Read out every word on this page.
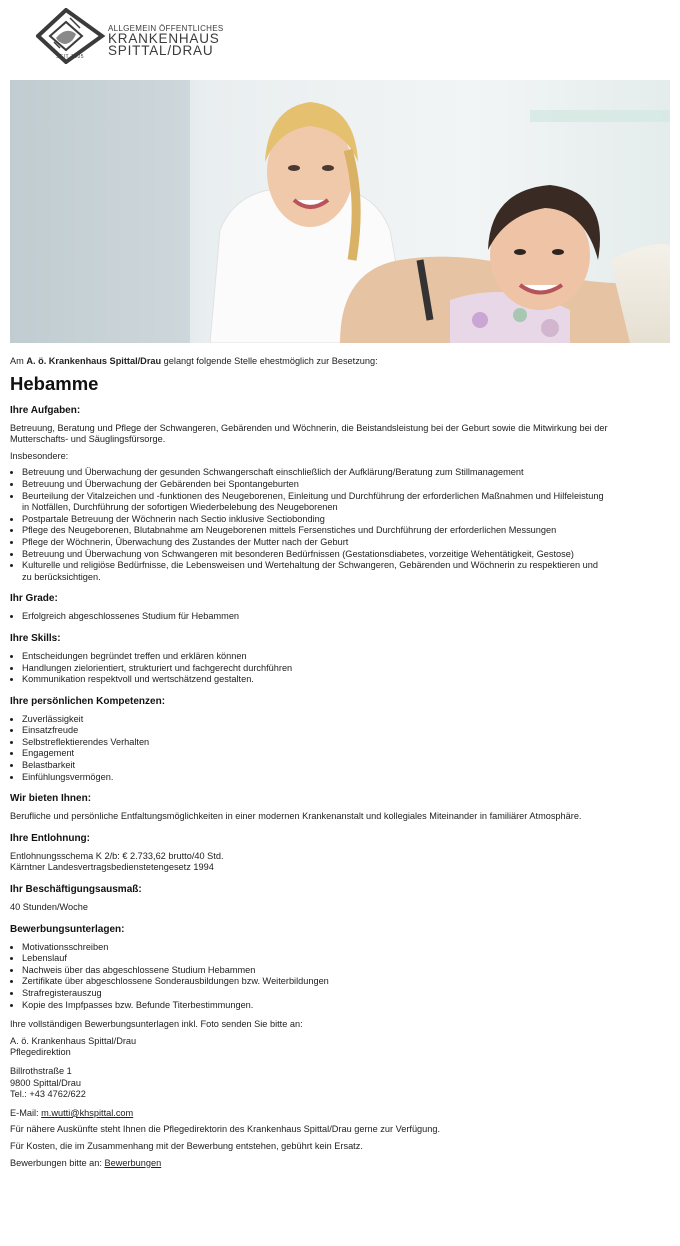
SEIT 1905
ALLGEMEIN ÖFFENTLICHES
KRANKENHAUS
SPITTAL/DRAU

Am A. ö. Krankenhaus Spittal/Drau gelangt folgende Stelle ehestmöglich zur Besetzung:

Hebamme
Ihre Aufgaben:

Betreuung, Beratung und Pflege der Schwangeren, Gebärenden und Wöchnerin, die Beistandsleistung bei der Geburt sowie die Mitwirkung bei der Mutterschafts- und Säuglingsfürsorge.

Insbesondere:

• Betreuung und Überwachung der gesunden Schwangerschaft einschließlich der Aufklärung/Beratung zum Stillmanagement
• Betreuung und Überwachung der Gebärenden bei Spontangeburten
• Beurteilung der Vitalzeichen und -funktionen des Neugeborenen, Einleitung und Durchführung der erforderlichen Maßnahmen und Hilfeleistung in Notfällen, Durchführung der sofortigen Wiederbelebung des Neugeborenen
• Postpartale Betreuung der Wöchnerin nach Sectio inklusive Sectiobonding
• Pflege des Neugeborenen, Blutabnahme am Neugeborenen mittels Fersenstiches und Durchführung der erforderlichen Messungen
• Pflege der Wöchnerin, Überwachung des Zustandes der Mutter nach der Geburt
• Betreuung und Überwachung von Schwangeren mit besonderen Bedürfnissen (Gestationsdiabetes, vorzeitige Wehentätigkeit, Gestose)
• Kulturelle und religiöse Bedürfnisse, die Lebensweisen und Wertehaltung der Schwangeren, Gebärenden und Wöchnerin zu respektieren und zu berücksichtigen.
Ihr Grade:
• Erfolgreich abgeschlossenes Studium für Hebammen
Ihre Skills:
• Entscheidungen begründet treffen und erklären können
• Handlungen zielorientiert, strukturiert und fachgerecht durchführen
• Kommunikation respektvoll und wertschätzend gestalten.
Ihre persönlichen Kompetenzen:
• Zuverlässigkeit
• Einsatzfreude
• Selbstreflektierendes Verhalten
• Engagement
• Belastbarkeit
• Einfühlungsvermögen.
Wir bieten Ihnen:

Berufliche und persönliche Entfaltungsmöglichkeiten in einer modernen Krankenanstalt und kollegiales Miteinander in familiärer Atmosphäre.

Ihre Entlohnung:

Entlohnungsschema K 2/b: € 2.733,62 brutto/40 Std.

Kärntner Landesvertragsbedienstetengesetz 1994

Ihr Beschäftigungsausmaß:

40 Stunden/Woche

Bewerbungsunterlagen:
• Motivationsschreiben
• Lebenslauf
• Nachweis über das abgeschlossene Studium Hebammen
• Zertifikate über abgeschlossene Sonderausbildungen bzw. Weiterbildungen
• Strafregisterauszug
• Kopie des Impfpasses bzw. Befunde Titerbestimmungen.

Ihre vollständigen Bewerbungsunterlagen inkl. Foto senden Sie bitte an:

A. ö. Krankenhaus Spittal/Drau
Pflegedirektion
Billrothstraße 1
9800 Spittal/Drau
Tel.: +43 4762/622

E-Mail: m.wutti@khspittal.com

Für nähere Auskünfte steht Ihnen die Pflegedirektorin des Krankenhaus Spittal/Drau gerne zur Verfügung.

Für Kosten, die im Zusammenhang mit der Bewerbung entstehen, gebührt kein Ersatz.

Bewerbungen bitte an: Bewerbungen
